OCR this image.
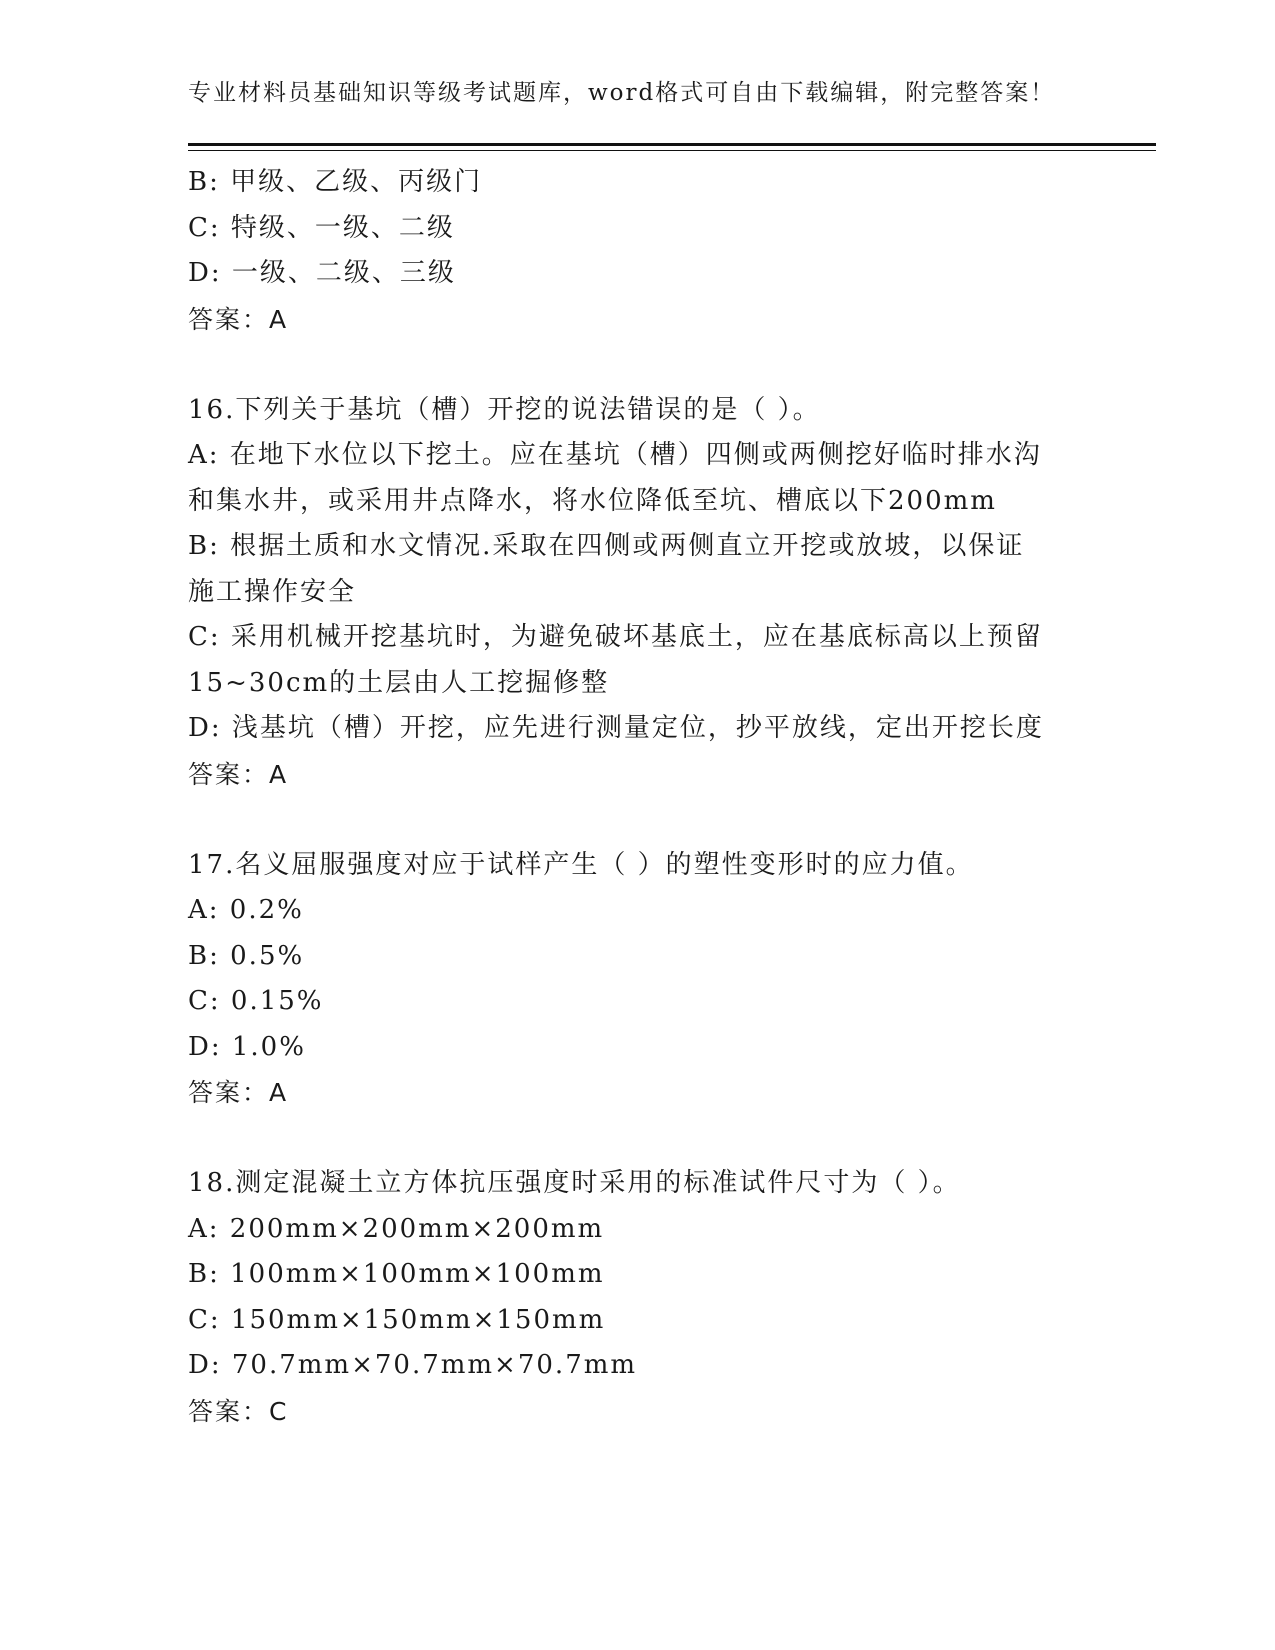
专业材料员基础知识等级考试题库，word格式可自由下载编辑，附完整答案！
B: 甲级、乙级、丙级门
C: 特级、一级、二级
D: 一级、二级、三级
答案：A
16.下列关于基坑（槽）开挖的说法错误的是（ ）。
A: 在地下水位以下挖土。应在基坑（槽）四侧或两侧挖好临时排水沟
和集水井，或采用井点降水，将水位降低至坑、槽底以下200mm
B: 根据土质和水文情况.采取在四侧或两侧直立开挖或放坡，以保证
施工操作安全
C: 采用机械开挖基坑时，为避免破坏基底土，应在基底标高以上预留
15~30cm的土层由人工挖掘修整
D: 浅基坑（槽）开挖，应先进行测量定位，抄平放线，定出开挖长度
答案：A
17.名义屈服强度对应于试样产生（ ）的塑性变形时的应力值。
A: 0.2%
B: 0.5%
C: 0.15%
D: 1.0%
答案：A
18.测定混凝土立方体抗压强度时采用的标准试件尺寸为（ ）。
A: 200mm×200mm×200mm
B: 100mm×100mm×100mm
C: 150mm×150mm×150mm
D: 70.7mm×70.7mm×70.7mm
答案：C
